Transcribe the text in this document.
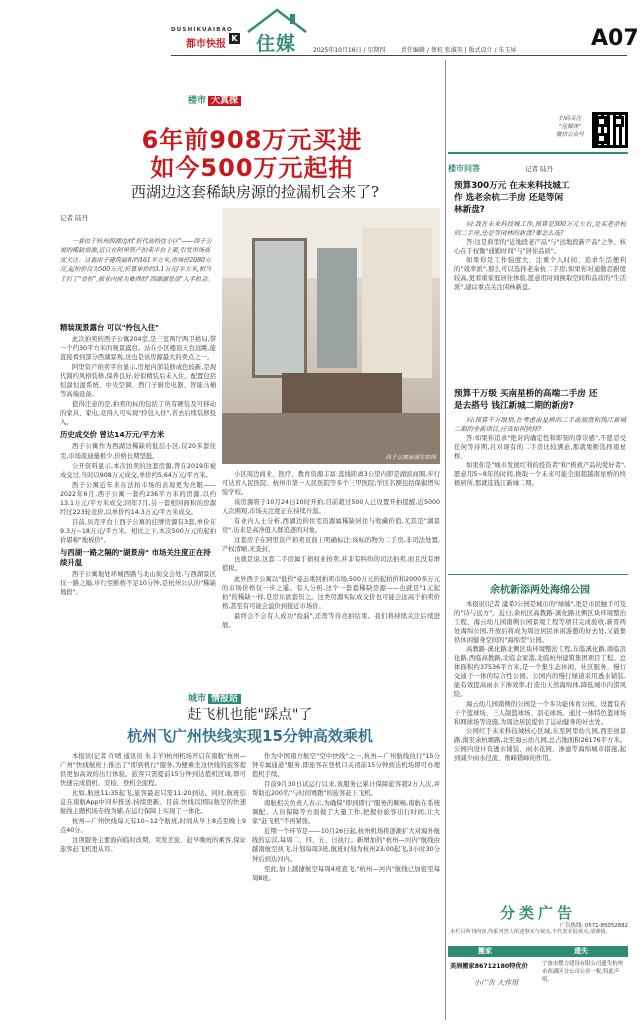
DUSHIKUAIBAO
都市快报
K 住媒	2025年10月16日 / 星期四	责任编辑 / 蔡杭 张淑英 | 版式设计 / 朱玉屏	A07
楼市 大真探
6年前908万元买进
如今500万元起拍
西湖边这套稀缺房源的捡漏机会来了?
记者 陆丹
一套位于杭州西湖边的"折代高档住小区"——西子公寓的稀缺房源,近日在阿里资产拍卖平台上架,引发市场高度关注。这套房子建筑面积约161平方米,市场价2080万元,起拍价仅为500万元,折算单价约3.1万元/平方米,相当于打了"骨折",被业内视为难得的"西湖湖景房"入手机会。
西子公寓房源实拍图
精装现景露台 可以"拎包入住"

此次拍卖的西子公寓204室,是三室两厅两卫格局,带一个约30平方米的观景露台。站在小区楼顶天台远眺,能直接看到部分西湖景观,这也是该房源最大的卖点之一。

阿里资产拍卖平台显示,房屋内部装修成色较新,是现代简约风格装修,保养良好,好似精装后未入住。配置包括恒温恒湿系统、中央空调、西门子厨房电器、智能马桶等高端设备。

值得注意的是,拍卖的标的包括了所有硬装及可移动的家具、家电,竞得人可实现"拎包入住",省去后续装修投入。

历史成交价 曾达14万元/平方米

西子公寓作为西湖边稀缺的低层小区,仅20多套住宅,市场流通量极少,价格长期坚挺。

公开资料显示,本次拍卖的这套房源,曾在2019年被成交过,当时以908万元成交,单价约5.64万元/平方米。

西子公寓近年来在法拍市场的表现更为亮眼——2022年6月,西子公寓一套约236平方米的房源,以约13.1万元/平方米成交;同年7月,另一套相同面积的房源经过223轮竞价,以单价约14.3万元/平方米成交。

目前,贝壳平台上西子公寓的挂牌房源有3套,单价在9.3万~18万元/平方米。相比之下,本次500万元的起拍价堪称"地板价"。

与西湖一路之隔的"湖景房" 市场关注度正在持续升温

西子公寓地处环城西路与北山街交会处,与西湖景区仅一路之隔,步行至断桥不足10分钟,是杭州公认的"稀缺地段"。

小区周边商业、医疗、教育资源丰富:直线距离3公里内即是湖滨商圈,步行可达省人民医院、杭州市第一人民医院等多个三甲医院;学区名额包括保俶塔实验学校。

该房源将于10月24日10时开拍,目前超过500人已设置开拍提醒,近5000人次围观,市场关注度正在持续升温。

有业内人士分析,西湖边的住宅资源属稀缺居住与收藏价值,尤其是"湖景房",历来是高净值人群追逐的对象。

这套房子在阿里资产拍卖页面上明确标注:该标的物为二手房,非司法处置,产权清晰,无查封。

也就是说,这套二手房属于债权业拍卖,并非有纠纷的司法拍卖,而且没有增值税。

此外西子公寓以"低价"姿态重回拍卖市场,500万元的起拍价和2000多万元的市场价格仅一步之遥。有人分析,这个一套套稀缺房源——也就是"1元起拍"的稀缺一样,是房东欲套资之。这类房源实际成交价也可能会远高于拍卖价格,甚至有可能会溢价到接近市场价。

最终会不会有人成功"捡漏",还需等待竞拍结果。我们将持续关注后续进展。

城市 情报站
赶飞机也能"踩点"了
杭州飞广州快线实现15分钟高效乘机

本报讯(记者 许晴 通讯员 朱丰羊)杭州机场开启在南航"杭州—广州"快线航班上推出了"即到机行"服务,为便乘坐这快线的旅客提供更加高效的出行体验。旅客只需提前15分钟到达值机区域,即可快速完成值机、安检、登机全流程。

比如,航班11:35起飞,旅客最迟只需11:20到达。同时,航班信息在南航App中同步推送,持续更新。目前,快线以国际航空的快速航线主题机场专线为辅,在运行保障上实现了一体化。

杭州—广州快线每天有10~12个航班,时间从早上8点至晚上9点40分。

这项服务主要面向临时改期、突发差旅、赶早晚班的乘客,保证旅客赶飞机更从容。

作为中国南方航空"空中快线"之一,杭州—广州航线执行"15分钟专属通道"服务,即旅客在登机口关闭前15分钟到达机场即可办理值机手续。

目前9月30日试运行以来,该服务已累计保障旅客超2万人次,并帮助近200名"与时间赛跑"的旅客赶上飞机。

南航相关负责人表示,为确保"即到即行"服务的顺畅,南航在系统调配、人员保障等方面做了大量工作,把握好旅客出行时间,让大家"赶飞机"不再紧张。

近期一个环节是——10月26日起,杭州机场将逐渐扩大对海外航线的运营,每周二、四、五、日执行。新增加的"杭州—河内"航线由越南航空执飞,计划每周3班,航班时刻为杭州23:00起飞,3小时30分钟后到达河内。

至此,加上越捷航空每周4班直飞,"杭州—河内"航线已加密至每周8班。

扫码关注
"住媒体"
微信公众号
楼市问答	记者 陆丹
预算300万元 在未来科技城工作 选老余杭二手房 还是等闲林新盘?

问:我在未来科技城工作,预算是300万元左右,是买老余杭的二手房,还是等闲林的新盘?要怎么选?

答:这是典型的"近地段老产品"与"远地段新产品"之争。核心在于权衡"通勤时间"与"居住品质"。

如果你是工作强度大、注重个人时间、追求生活便利的"效率派",那么可以选择老余杭二手房;如果你对通勤忍耐度较高,更看重家庭居住体验,愿意用时间换取空间和品质的"生活派",建议重点关注闲林新盘。

预算千万级 买南星桥的高端二手房 还是去搭号 钱江新城二期的新房?

问:预算千万级别,在考虑南星桥的二手高端盘和钱江新城二期的全新项目,应该如何抉择?

答:如果你追求"绝对的确定性和即刻的尊崇感",不愿忍受任何等待期,且对现有的二手房比较满意,那就果断选择南星桥。

如果你是"城市发展红利的投资者"和"极致产品的爱好者",愿意用5~8年的时间,换取一个未来可能全面超越南星桥的终极居所,那就选钱江新城二期。

余杭新添两处海绵公园

本报讯(记者 虞希)公园是城市的"绿肺",更是市民触手可及的"诗与远方"。近日,余杭区高教路-溪化路北侧区块环境整治工程、海云幼儿园南侧公园景观工程等项目完成验收,新晋两处海绵公园,开放后将成为周边居民休闲游憩的好去处,又能集供休闲健身空间的"海绵型"公园。

高教路-溪化路北侧区块环境整治工程,东临溪化路,南临浪化路,西临高教路,北临金家港,北临杭州建筑集团项目工程。总体面积约37536平方米,是一个集生态休闲、社区服务、慢行交通于一体的综合性公园。公园内的慢行绿道采用透水铺装,能有效提高雨水下渗效率,打造出天然海绵体,降低城市内涝风险。

海云幼儿园南侧的公园是一个多功能体育公园。设置有若干个篮球场、三人制篮球场、羽毛球场。通过一体特色篮球场和网球场等设施,为周边居民提供了运动健身的好去处。

公园红于未来科技城核心区域,东至阿里幼儿园,西至创景路,南至余杭塘路,北至海云幼儿园,总占地面积26176平方米。公园内设计有透水铺装、雨水花园、渗滤等海绵城市措施,起到减少雨水径流、削峰错峰的作用。

分类广告
广告热线: 0571-85052682
本栏目所刊内容,均系刊登人所述事实与观点,不代表本报观点,请谨慎。
搬家	遗失
美润搬家86712180特优价
小广告 大作用
宁波市燃力建设有限公司遗失杭州市西湖区分公司公章一枚,特此声明。
